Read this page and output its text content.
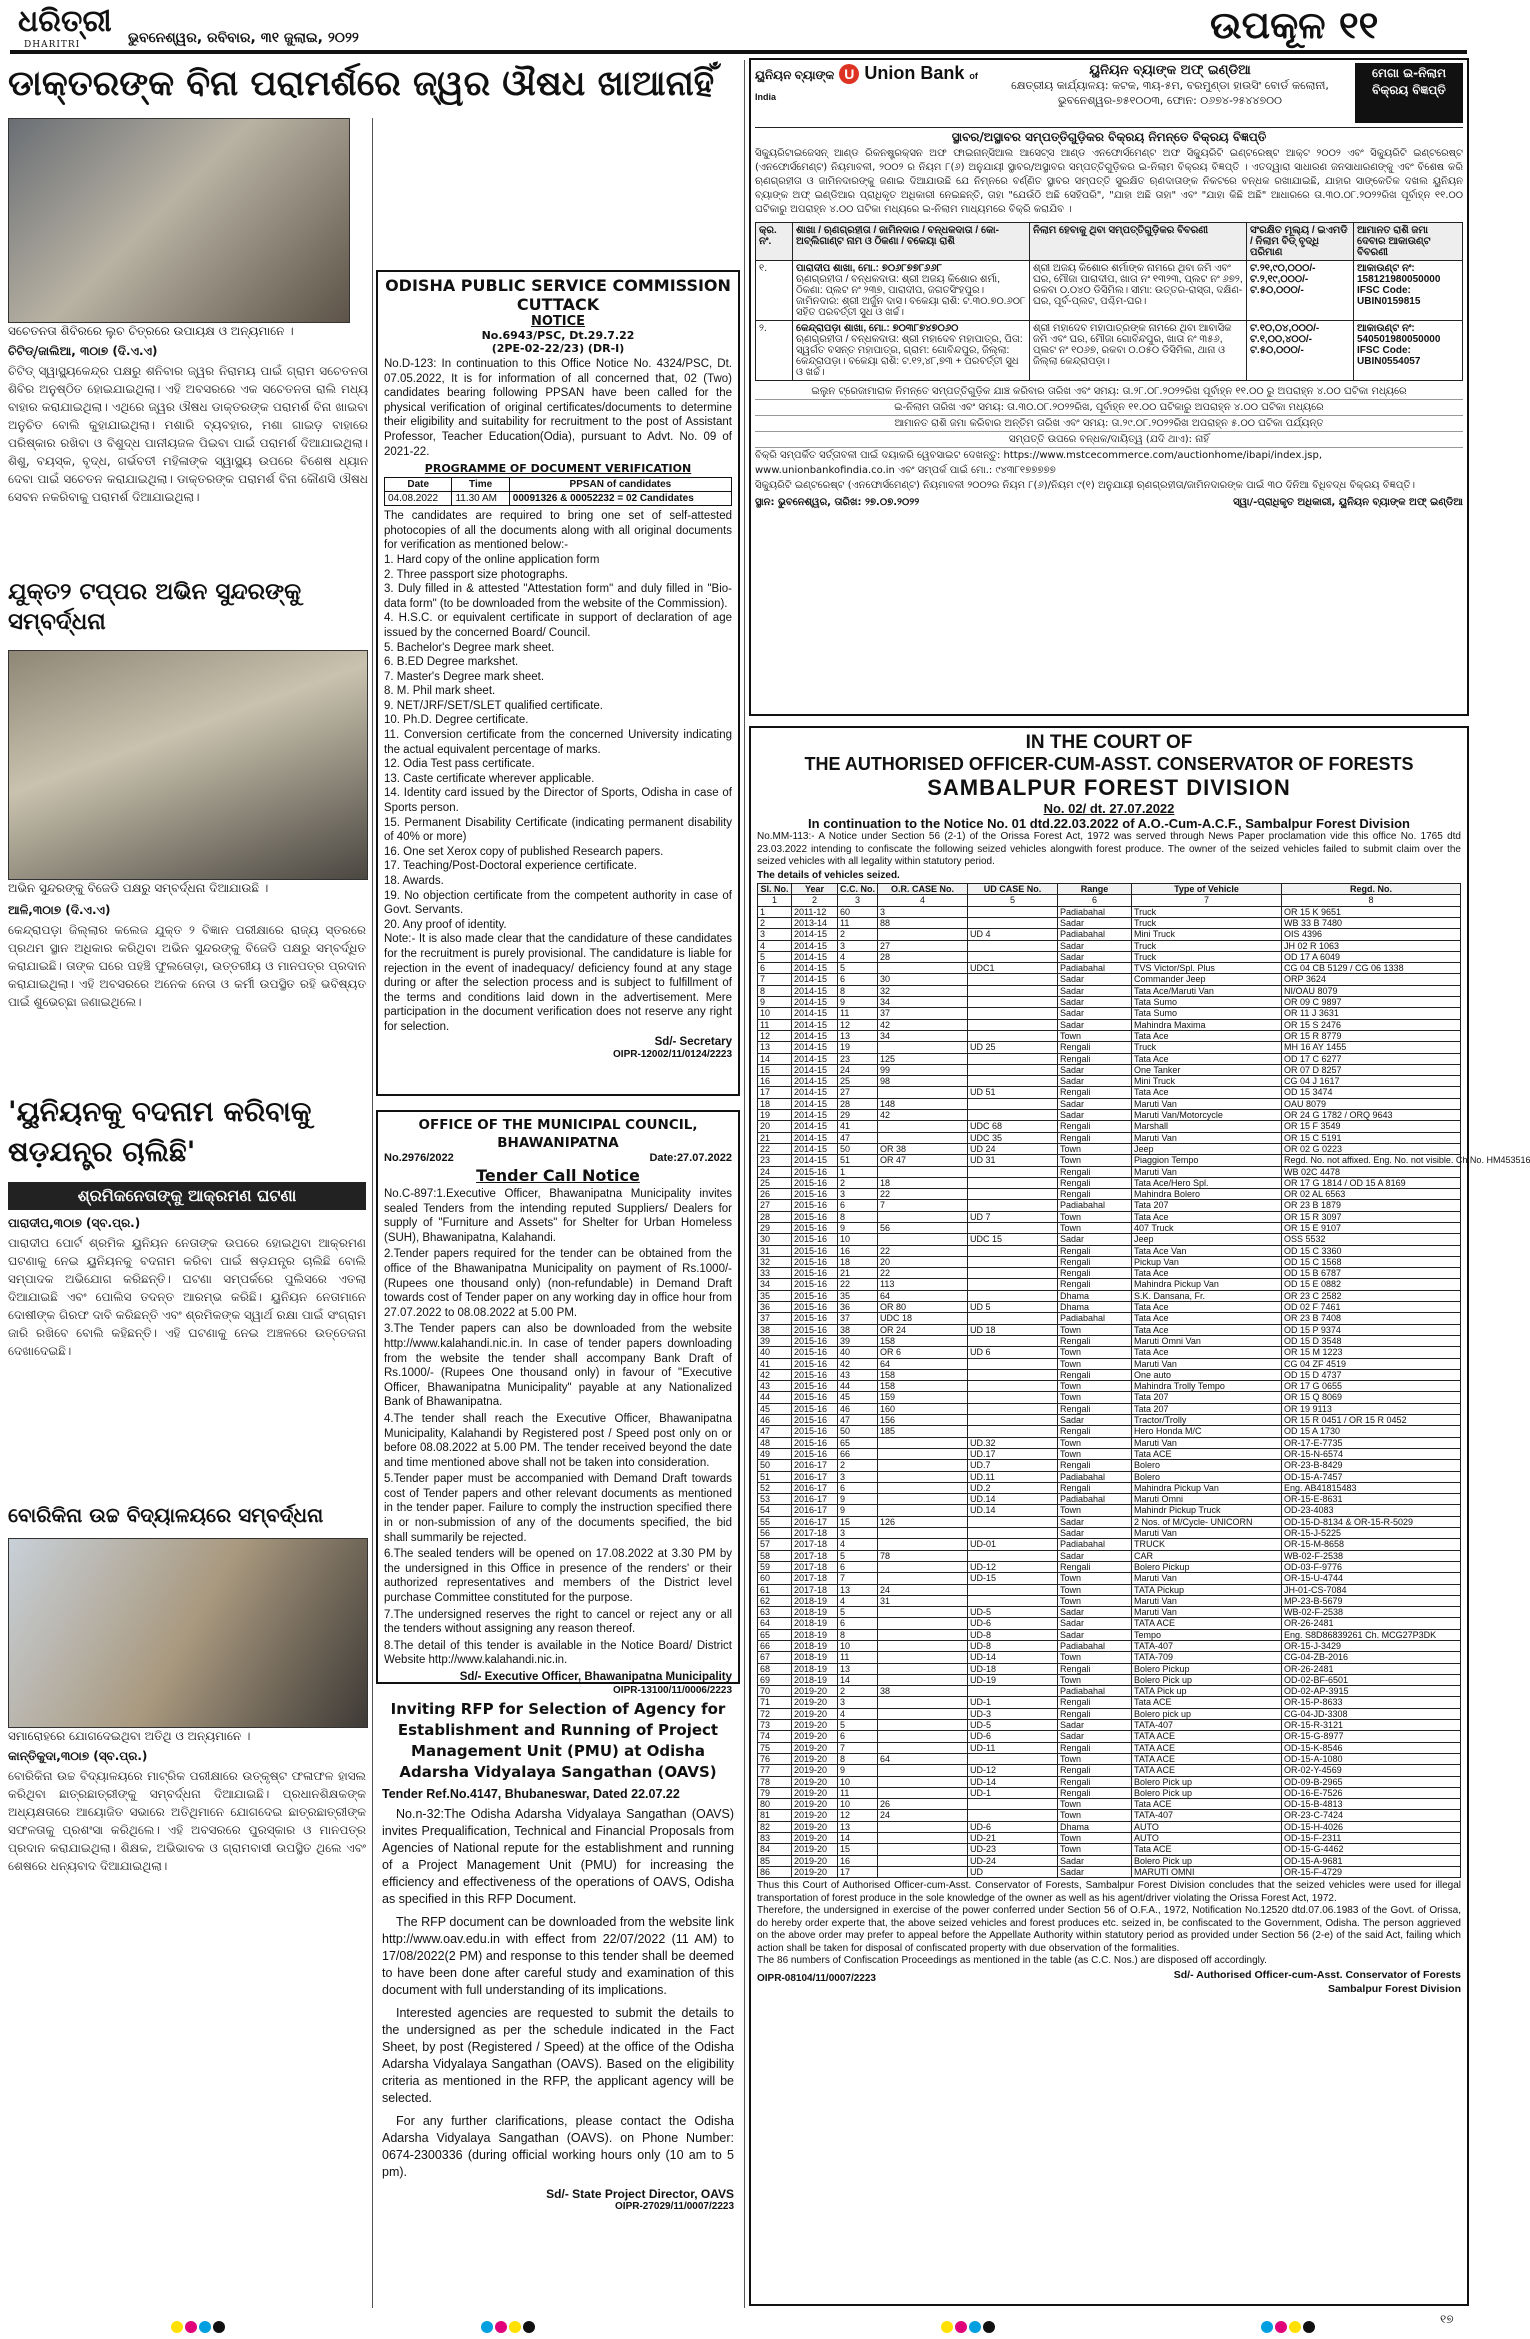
ଧରିତ୍ରୀ
DHARITRI	ଭୁବନେଶ୍ୱର, ରବିବାର, ୩୧ ଜୁଲାଇ, ୨୦୨୨	ଉପକୂଳ ୧୧
ଡାକ୍ତରଙ୍କ ବିନା ପରାମର୍ଶରେ ଜ୍ୱର ଔଷଧ ଖାଆନାହିଁ
ସଚେତନତା ଶିବିରରେ ଲୁଚ ଚିତ୍ରରେ ଉପାୟକ୍ଷ ଓ ଅନ୍ୟମାନେ ।
ଚିଟିଡ୍/ଜାଲିଆ, ୩୦ା୭ (ଦି.ଏ.ଏ)
ଚିଟିଡ୍ ସ୍ୱାସ୍ଥ୍ୟକେନ୍ଦ୍ର ପକ୍ଷରୁ ଶନିବାର ଜ୍ୱର ନିରାମୟ ପାଇଁ ଗ୍ରାମ ସଚେତନତା ଶିବିର ଅନୁଷ୍ଠିତ ହୋଇଯାଇଥିଲା। ଏହି ଅବସରରେ ଏକ ସଚେତନତା ରାଲି ମଧ୍ୟ ବାହାର କରାଯାଇଥିଲା। ଏଥିରେ ଜ୍ୱର ଔଷଧ ଡାକ୍ତରଙ୍କ ପରାମର୍ଶ ବିନା ଖାଇବା ଅନୁଚିତ ବୋଲି କୁହାଯାଇଥିଲା। ମଶାରି ବ୍ୟବହାର, ମଶା ଗାଇଡ଼ ବାହାରେ ପରିଷ୍କାର ରଖିବା ଓ ବିଶୁଦ୍ଧ ପାନୀୟଜଳ ପିଇବା ପାଇଁ ପରାମର୍ଶ ଦିଆଯାଇଥିଲା। ଶିଶୁ, ବୟସ୍କ, ବୃଦ୍ଧ, ଗର୍ଭବତୀ ମହିଳାଙ୍କ ସ୍ୱାସ୍ଥ୍ୟ ଉପରେ ବିଶେଷ ଧ୍ୟାନ ଦେବା ପାଇଁ ସଚେତନ କରାଯାଇଥିଲା। ଡାକ୍ତରଙ୍କ ପରାମର୍ଶ ବିନା କୌଣସି ଔଷଧ ସେବନ ନକରିବାକୁ ପରାମର୍ଶ ଦିଆଯାଇଥିଲା।
ଯୁକ୍ତ୨ ଟପ୍ପର ଅଭିନ ସୁନ୍ଦରଙ୍କୁ ସମ୍ବର୍ଦ୍ଧନା
ଅଭିନ ସୁନ୍ଦରଙ୍କୁ ବିଜେଡି ପକ୍ଷରୁ ସମ୍ବର୍ଦ୍ଧନା ଦିଆଯାଉଛି ।
ଆଳି,୩୦ା୭ (ଦି.ଏ.ଏ)
କେନ୍ଦ୍ରାପଡ଼ା ଜିଲ୍ଲାର କଲେଜ ଯୁକ୍ତ ୨ ବିଜ୍ଞାନ ପରୀକ୍ଷାରେ ରାଜ୍ୟ ସ୍ତରରେ ପ୍ରଥମ ସ୍ଥାନ ଅଧିକାର କରିଥିବା ଅଭିନ ସୁନ୍ଦରଙ୍କୁ ବିଜେଡି ପକ୍ଷରୁ ସମ୍ବର୍ଦ୍ଧିତ କରାଯାଇଛି। ତାଙ୍କ ଘରେ ପହଞ୍ଚି ଫୁଲତୋଡ଼ା, ଉତ୍ତରୀୟ ଓ ମାନପତ୍ର ପ୍ରଦାନ କରାଯାଇଥିଲା। ଏହି ଅବସରରେ ଅନେକ ନେତା ଓ କର୍ମୀ ଉପସ୍ଥିତ ରହି ଭବିଷ୍ୟତ ପାଇଁ ଶୁଭେଚ୍ଛା ଜଣାଇଥିଲେ।
'ୟୁନିୟନକୁ ବଦନାମ କରିବାକୁ ଷଡ଼ଯନ୍ତ୍ର ଚାଲିଛି'
ଶ୍ରମିକନେତାଙ୍କୁ ଆକ୍ରମଣ ଘଟଣା
ପାରାଦୀପ,୩୦ା୭ (ସ୍ବ.ପ୍ର.)
ପାରାଦୀପ ପୋର୍ଟ ଶ୍ରମିକ ୟୁନିୟନ ନେତାଙ୍କ ଉପରେ ହୋଇଥିବା ଆକ୍ରମଣ ଘଟଣାକୁ ନେଇ ୟୁନିୟନକୁ ବଦନାମ କରିବା ପାଇଁ ଷଡ଼ଯନ୍ତ୍ର ଚାଲିଛି ବୋଲି ସମ୍ପାଦକ ଅଭିଯୋଗ କରିଛନ୍ତି। ଘଟଣା ସମ୍ପର୍କରେ ପୁଲିସରେ ଏତଲା ଦିଆଯାଇଛି ଏବଂ ପୋଲିସ ତଦନ୍ତ ଆରମ୍ଭ କରିଛି। ୟୁନିୟନ ନେତାମାନେ ଦୋଷୀଙ୍କ ଗିରଫ ଦାବି କରିଛନ୍ତି ଏବଂ ଶ୍ରମିକଙ୍କ ସ୍ୱାର୍ଥ ରକ୍ଷା ପାଇଁ ସଂଗ୍ରାମ ଜାରି ରଖିବେ ବୋଲି କହିଛନ୍ତି। ଏହି ଘଟଣାକୁ ନେଇ ଅଞ୍ଚଳରେ ଉତ୍ତେଜନା ଦେଖାଦେଇଛି।
ବୋରିକିନା ଉଚ୍ଚ ବିଦ୍ୟାଳୟରେ ସମ୍ବର୍ଦ୍ଧନା
ସମାରୋହରେ ଯୋଗଦେଇଥିବା ଅତିଥି ଓ ଅନ୍ୟମାନେ ।
କାନ୍ତିକୁଦା,୩୦ା୭ (ସ୍ବ.ପ୍ର.)
ବୋରିକିନା ଉଚ୍ଚ ବିଦ୍ୟାଳୟରେ ମାଟ୍ରିକ ପରୀକ୍ଷାରେ ଉତ୍କୃଷ୍ଟ ଫଳାଫଳ ହାସଲ କରିଥିବା ଛାତ୍ରଛାତ୍ରୀଙ୍କୁ ସମ୍ବର୍ଦ୍ଧନା ଦିଆଯାଇଛି। ପ୍ରଧାନଶିକ୍ଷକଙ୍କ ଅଧ୍ୟକ୍ଷତାରେ ଆୟୋଜିତ ସଭାରେ ଅତିଥିମାନେ ଯୋଗଦେଇ ଛାତ୍ରଛାତ୍ରୀଙ୍କ ସଫଳତାକୁ ପ୍ରଶଂସା କରିଥିଲେ। ଏହି ଅବସରରେ ପୁରସ୍କାର ଓ ମାନପତ୍ର ପ୍ରଦାନ କରାଯାଇଥିଲା। ଶିକ୍ଷକ, ଅଭିଭାବକ ଓ ଗ୍ରାମବାସୀ ଉପସ୍ଥିତ ଥିଲେ ଏବଂ ଶେଷରେ ଧନ୍ୟବାଦ ଦିଆଯାଇଥିଲା।
ODISHA PUBLIC SERVICE COMMISSION
CUTTACK
NOTICE
No.6943/PSC, Dt.29.7.22
(2PE-02-22/23) (DR-I)
No.D-123: In continuation to this Office Notice No. 4324/PSC, Dt. 07.05.2022, It is for information of all concerned that, 02 (Two) candidates bearing following PPSAN have been called for the physical verification of original certificates/documents to determine their eligibility and suitability for recruitment to the post of Assistant Professor, Teacher Education(Odia), pursuant to Advt. No. 09 of 2021-22.
PROGRAMME OF DOCUMENT VERIFICATION
Date	Time	PPSAN of candidates
04.08.2022	11.30 AM	00091326 & 00052232 = 02 Candidates
The candidates are required to bring one set of self-attested photocopies of all the documents along with all original documents for verification as mentioned below:-
1. Hard copy of the online application form
2. Three passport size photographs.
3. Duly filled in & attested "Attestation form" and duly filled in "Bio-data form" (to be downloaded from the website of the Commission).
4. H.S.C. or equivalent certificate in support of declaration of age issued by the concerned Board/ Council.
5. Bachelor's Degree mark sheet.
6. B.ED Degree markshet.
7. Master's Degree mark sheet.
8. M. Phil mark sheet.
9. NET/JRF/SET/SLET qualified certificate.
10. Ph.D. Degree certificate.
11. Conversion certificate from the concerned University indicating the actual equivalent percentage of marks.
12. Odia Test pass certificate.
13. Caste certificate wherever applicable.
14. Identity card issued by the Director of Sports, Odisha in case of Sports person.
15. Permanent Disability Certificate (indicating permanent disability of 40% or more)
16. One set Xerox copy of published Research papers.
17. Teaching/Post-Doctoral experience certificate.
18. Awards.
19. No objection certificate from the competent authority in case of Govt. Servants.
20. Any proof of identity.
Note:- It is also made clear that the candidature of these candidates for the recruitment is purely provisional. The candidature is liable for rejection in the event of inadequacy/ deficiency found at any stage during or after the selection process and is subject to fulfillment of the terms and conditions laid down in the advertisement. Mere participation in the document verification does not reserve any right for selection.
Sd/- Secretary
OIPR-12002/11/0124/2223
OFFICE OF THE MUNICIPAL COUNCIL, BHAWANIPATNA
No.2976/2022	Date:27.07.2022
Tender Call Notice

No.C-897:1.Executive Officer, Bhawanipatna Municipality invites sealed Tenders from the intending reputed Suppliers/ Dealers for supply of "Furniture and Assets" for Shelter for Urban Homeless (SUH), Bhawanipatna, Kalahandi.

2.Tender papers required for the tender can be obtained from the office of the Bhawanipatna Municipality on payment of Rs.1000/- (Rupees one thousand only) (non-refundable) in Demand Draft towards cost of Tender paper on any working day in office hour from 27.07.2022 to 08.08.2022 at 5.00 PM.

3.The Tender papers can also be downloaded from the website http://www.kalahandi.nic.in. In case of tender papers downloading from the website the tender shall accompany Bank Draft of Rs.1000/- (Rupees One thousand only) in favour of "Executive Officer, Bhawanipatna Municipality" payable at any Nationalized Bank of Bhawanipatna.

4.The tender shall reach the Executive Officer, Bhawanipatna Municipality, Kalahandi by Registered post / Speed post only on or before 08.08.2022 at 5.00 PM. The tender received beyond the date and time mentioned above shall not be taken into consideration.

5.Tender paper must be accompanied with Demand Draft towards cost of Tender papers and other relevant documents as mentioned in the tender paper. Failure to comply the instruction specified there in or non-submission of any of the documents specified, the bid shall summarily be rejected.

6.The sealed tenders will be opened on 17.08.2022 at 3.30 PM by the undersigned in this Office in presence of the renders' or their authorized representatives and members of the District level purchase Committee constituted for the purpose.

7.The undersigned reserves the right to cancel or reject any or all the tenders without assigning any reason thereof.

8.The detail of this tender is available in the Notice Board/ District Website http://www.kalahandi.nic.in.

Sd/- Executive Officer, Bhawanipatna Municipality
OIPR-13100/11/0006/2223
Inviting RFP for Selection of Agency for Establishment and Running of Project Management Unit (PMU) at Odisha Adarsha Vidyalaya Sangathan (OAVS)
Tender Ref.No.4147, Bhubaneswar, Dated 22.07.22

No.n-32:The Odisha Adarsha Vidyalaya Sangathan (OAVS) invites Prequalification, Technical and Financial Proposals from Agencies of National repute for the establishment and running of a Project Management Unit (PMU) for increasing the efficiency and effectiveness of the operations of OAVS, Odisha as specified in this RFP Document.

The RFP document can be downloaded from the website link http://www.oav.edu.in with effect from 22/07/2022 (11 AM) to 17/08/2022(2 PM) and response to this tender shall be deemed to have been done after careful study and examination of this document with full understanding of its implications.

Interested agencies are requested to submit the details to the undersigned as per the schedule indicated in the Fact Sheet, by post (Registered / Speed) at the office of the Odisha Adarsha Vidyalaya Sangathan (OAVS). Based on the eligibility criteria as mentioned in the RFP, the applicant agency will be selected.

For any further clarifications, please contact the Odisha Adarsha Vidyalaya Sangathan (OAVS). on Phone Number: 0674-2300336 (during official working hours only (10 am to 5 pm).

Sd/- State Project Director, OAVS
OIPR-27029/11/0007/2223
ୟୁନିୟନ ବ୍ୟାଙ୍କ U Union Bank of India
ୟୁନିୟନ ବ୍ୟାଙ୍କ ଅଫ୍ ଇଣ୍ଡିଆ
କ୍ଷେତ୍ରୀୟ କାର୍ଯ୍ୟାଳୟ: କଟକ, ୩ୟ-୫ମ, ବରମୁଣ୍ଡା ହାଉସିଂ ବୋର୍ଡ କଲୋନୀ, ଭୁବନେଶ୍ୱର-୭୫୧୦୦୩, ଫୋନ: ୦୬୭୪-୨୫୪୪୭୦୦
ମେଗା ଇ-ନିଲାମ ବିକ୍ରୟ ବିଜ୍ଞପ୍ତି
ସ୍ଥାବର/ଅସ୍ଥାବର ସମ୍ପତ୍ତିଗୁଡ଼ିକର ବିକ୍ରୟ ନିମନ୍ତେ ବିକ୍ରୟ ବିଜ୍ଞପ୍ତି
ସିକ୍ୟୁରିଟାଇଜେସନ୍ ଆଣ୍ଡ ରିକନଷ୍ଟ୍ରକ୍ସନ ଅଫ ଫାଇନାନ୍ସିଆଲ ଆସେଟ୍ସ ଆଣ୍ଡ ଏନଫୋର୍ସମେଣ୍ଟ ଅଫ ସିକ୍ୟୁରିଟି ଇଣ୍ଟରେଷ୍ଟ ଆକ୍ଟ ୨୦୦୨ ଏବଂ ସିକ୍ୟୁରିଟି ଇଣ୍ଟରେଷ୍ଟ (ଏନଫୋର୍ସମେଣ୍ଟ) ନିୟମାବଳୀ, ୨୦୦୨ ର ନିୟମ ୮(୬) ଅନୁଯାୟୀ ସ୍ଥାବର/ଅସ୍ଥାବର ସମ୍ପତ୍ତିଗୁଡ଼ିକର ଇ-ନିଲାମ ବିକ୍ରୟ ବିଜ୍ଞପ୍ତି । ଏତଦ୍ୱାରା ସାଧାରଣ ଜନସାଧାରଣଙ୍କୁ ଏବଂ ବିଶେଷ କରି ଋଣଗ୍ରହୀତା ଓ ଜାମିନଦାରଙ୍କୁ ଜଣାଇ ଦିଆଯାଉଛି ଯେ ନିମ୍ନରେ ବର୍ଣ୍ଣିତ ସ୍ଥାବର ସମ୍ପତ୍ତି ସୁରକ୍ଷିତ ଋଣଦାତାଙ୍କ ନିକଟରେ ବନ୍ଧକ ରଖାଯାଇଛି, ଯାହାର ସାଙ୍କେତିକ ଦଖଲ ୟୁନିୟନ ବ୍ୟାଙ୍କ ଅଫ୍ ଇଣ୍ଡିଆର ପ୍ରାଧିକୃତ ଅଧିକାରୀ ନେଇଛନ୍ତି, ତାହା "ଯେଉଁଠି ଅଛି ସେହିପରି", "ଯାହା ଅଛି ତାହା" ଏବଂ "ଯାହା କିଛି ଅଛି" ଆଧାରରେ ତା.୩୦.୦୮.୨୦୨୨ରିଖ ପୂର୍ବାହ୍ନ ୧୧.୦୦ ଘଟିକାରୁ ଅପରାହ୍ନ ୪.୦୦ ଘଟିକା ମଧ୍ୟରେ ଇ-ନିଲାମ ମାଧ୍ୟମରେ ବିକ୍ରି କରାଯିବ ।
କ୍ର. ନଂ.	ଶାଖା / ଋଣଗ୍ରହୀତା / ଜାମିନଦାର / ବନ୍ଧକଦାତା / କୋ-ଅବ୍ଲିଗାଣ୍ଟ ନାମ ଓ ଠିକଣା / ବକେୟା ରାଶି	ନିଲାମ ହେବାକୁ ଥିବା ସମ୍ପତ୍ତିଗୁଡ଼ିକର ବିବରଣୀ	ସଂରକ୍ଷିତ ମୂଲ୍ୟ / ଇଏମଡି / ନିଲାମ ବିଡ୍ ବୃଦ୍ଧି ପରିମାଣ	ଆମାନତ ରାଶି ଜମା ଦେବାର ଆକାଉଣ୍ଟ ବିବରଣୀ
୧.	ପାରାଦୀପ ଶାଖା, ମୋ.: ୭୦୬୮୭୭୮୬୬୮
ଋଣଗ୍ରହୀତା / ବନ୍ଧକଦାତା: ଶ୍ରୀ ଅଜୟ କିଶୋର ଶର୍ମା, ଠିକଣା: ପ୍ଲଟ ନଂ ୨୩୭, ପାରାଦୀପ, ଜଗତସିଂହପୁର। ଜାମିନଦାର: ଶ୍ରୀ ଅର୍ଜୁନ ଦାସ। ବକେୟା ରାଶି: ଟ.୩୦.୭୦.୬୦୮ ସହିତ ପରବର୍ତ୍ତୀ ସୁଧ ଓ ଖର୍ଚ୍ଚ।	ଶ୍ରୀ ଅଜୟ କିଶୋର ଶର୍ମାଙ୍କ ନାମରେ ଥିବା ଜମି ଏବଂ ଘର, ମୌଜା ପାରାଦୀପ, ଖାତା ନଂ ୧୩୨୩, ପ୍ଲଟ ନଂ ୬୭୨, ରକବା ୦.୦୪୦ ଡିସିମିଲ। ସୀମା: ଉତ୍ତର-ରାସ୍ତା, ଦକ୍ଷିଣ-ଘର, ପୂର୍ବ-ପ୍ଲଟ, ପଶ୍ଚିମ-ଘର।	ଟ.୨୧,୯୦,୦୦୦/-
ଟ.୨,୧୯,୦୦୦/-
ଟ.୫୦,୦୦୦/-	ଆକାଉଣ୍ଟ ନଂ:
158121980050000
IFSC Code:
UBIN0159815
୨.	କେନ୍ଦ୍ରାପଡ଼ା ଶାଖା, ମୋ.: ୭୦୩୮୭୪୭୦୬୦
ଋଣଗ୍ରହୀତା / ବନ୍ଧକଦାତା: ଶ୍ରୀ ମହାଦେବ ମହାପାତ୍ର, ପିତା: ସ୍ୱର୍ଗତ ବସନ୍ତ ମହାପାତ୍ର, ଗ୍ରାମ: ଗୋବିନ୍ଦପୁର, ଜିଲ୍ଲା: କେନ୍ଦ୍ରାପଡ଼ା। ବକେୟା ରାଶି: ଟ.୧୨,୪୮,୭୩ + ପରବର୍ତ୍ତୀ ସୁଧ ଓ ଖର୍ଚ୍ଚ।	ଶ୍ରୀ ମହାଦେବ ମହାପାତ୍ରଙ୍କ ନାମରେ ଥିବା ଆବାସିକ ଜମି ଏବଂ ଘର, ମୌଜା ଗୋବିନ୍ଦପୁର, ଖାତା ନଂ ୩୫୬, ପ୍ଲଟ ନଂ ୧୦୬୭, ରକବା ୦.୦୫୦ ଡିସିମିଲ, ଥାନା ଓ ଜିଲ୍ଲା କେନ୍ଦ୍ରାପଡ଼ା।	ଟ.୧୦,୦୪,୦୦୦/-
ଟ.୧,୦୦,୪୦୦/-
ଟ.୫୦,୦୦୦/-	ଆକାଉଣ୍ଟ ନଂ:
540501980050000
IFSC Code:
UBIN0554057
ଇଲୁନ ଟ୍ରେଜାମାରାକ ନିମନ୍ତେ ସମ୍ପତ୍ତିଗୁଡ଼ିକ ଯାଞ୍ଚ କରିବାର ତାରିଖ ଏବଂ ସମୟ: ତା.୨୮.୦୮.୨୦୨୨ରିଖ ପୂର୍ବାହ୍ନ ୧୧.୦୦ ରୁ ଅପରାହ୍ନ ୪.୦୦ ଘଟିକା ମଧ୍ୟରେ
ଇ-ନିଲାମ ତାରିଖ ଏବଂ ସମୟ: ତା.୩୦.୦୮.୨୦୨୨ରିଖ, ପୂର୍ବାହ୍ନ ୧୧.୦୦ ଘଟିକାରୁ ଅପରାହ୍ନ ୪.୦୦ ଘଟିକା ମଧ୍ୟରେ
ଆମାନତ ରାଶି ଜମା କରିବାର ଅନ୍ତିମ ତାରିଖ ଏବଂ ସମୟ: ତା.୨୯.୦୮.୨୦୨୨ରିଖ ଅପରାହ୍ନ ୫.୦୦ ଘଟିକା ପର୍ଯ୍ୟନ୍ତ
ସମ୍ପତ୍ତି ଉପରେ ବନ୍ଧକ/ଦାୟିତ୍ୱ (ଯଦି ଥାଏ): ନାହିଁ
ବିକ୍ରି ସମ୍ପର୍କିତ ସର୍ତ୍ତାବଳୀ ପାଇଁ ଦୟାକରି ୱେବସାଇଟ ଦେଖନ୍ତୁ: https://www.mstcecommerce.com/auctionhome/ibapi/index.jsp, www.unionbankofindia.co.in ଏବଂ ସମ୍ପର୍କ ପାଇଁ ମୋ.: ୯୪୩୮୧୭୭୭୭୭
ସିକ୍ୟୁରିଟି ଇଣ୍ଟରେଷ୍ଟ (ଏନଫୋର୍ସମେଣ୍ଟ) ନିୟମାବଳୀ ୨୦୦୨ର ନିୟମ ୮(୬)/ନିୟମ ୯(୧) ଅନୁଯାୟୀ ଋଣଗ୍ରହୀତା/ଜାମିନଦାରଙ୍କ ପାଇଁ ୩୦ ଦିନିଆ ବିଧିବଦ୍ଧ ବିକ୍ରୟ ବିଜ୍ଞପ୍ତି।
ସ୍ଥାନ: ଭୁବନେଶ୍ୱର, ତାରିଖ: ୨୭.୦୭.୨୦୨୨	ସ୍ୱା/-ପ୍ରାଧିକୃତ ଅଧିକାରୀ, ୟୁନିୟନ ବ୍ୟାଙ୍କ ଅଫ୍ ଇଣ୍ଡିଆ
IN THE COURT OF
THE AUTHORISED OFFICER-CUM-ASST. CONSERVATOR OF FORESTS
SAMBALPUR FOREST DIVISION
No. 02/ dt. 27.07.2022
In continuation to the Notice No. 01 dtd.22.03.2022 of A.O.-Cum-A.C.F., Sambalpur Forest Division
No.MM-113:- A Notice under Section 56 (2-1) of the Orissa Forest Act, 1972 was served through News Paper proclamation vide this office No. 1765 dtd 23.03.2022 intending to confiscate the following seized vehicles alongwith forest produce. The owner of the seized vehicles failed to submit claim over the seized vehicles with all legality within statutory period.
The details of vehicles seized.
Sl. No.	Year	C.C. No.	O.R. CASE No.	UD CASE No.	Range	Type of Vehicle	Regd. No.
1	2	3	4	5	6	7	8
1	2011-12	60	3		Padiabahal	Truck	OR 15 K 9651
2	2013-14	11	88		Sadar	Truck	WB 33 B 7480
3	2014-15	2		UD 4	Padiabahal	Mini Truck	OIS 4396
4	2014-15	3	27		Sadar	Truck	JH 02 R 1063
5	2014-15	4	28		Sadar	Truck	OD 17 A 6049
6	2014-15	5		UDC1	Padiabahal	TVS Victor/Spl. Plus	CG 04 CB 5129 / CG 06 1338
7	2014-15	6	30		Sadar	Commander Jeep	ORP 3624
8	2014-15	8	32		Sadar	Tata Ace/Maruti Van	NI/OAU 8079
9	2014-15	9	34		Sadar	Tata Sumo	OR 09 C 9897
10	2014-15	11	37		Sadar	Tata Sumo	OR 11 J 3631
11	2014-15	12	42		Sadar	Mahindra Maxima	OR 15 S 2476
12	2014-15	13	34		Town	Tata Ace	OR 15 R 8779
13	2014-15	19		UD 25	Rengali	Truck	MH 16 AY 1455
14	2014-15	23	125		Rengali	Tata Ace	OD 17 C 6277
15	2014-15	24	99		Sadar	One Tanker	OR 07 D 8257
16	2014-15	25	98		Sadar	Mini Truck	CG 04 J 1617
17	2014-15	27		UD 51	Rengali	Tata Ace	OD 15 3474
18	2014-15	28	148		Sadar	Maruti Van	OAU 8079
19	2014-15	29	42		Sadar	Maruti Van/Motorcycle	OR 24 G 1782 / ORQ 9643
20	2014-15	41		UDC 68	Rengali	Marshall	OR 15 F 3549
21	2014-15	47		UDC 35	Rengali	Maruti Van	OR 15 C 5191
22	2014-15	50	OR 38	UD 24	Town	Jeep	OR 02 G 0223
23	2014-15	51	OR 47	UD 31	Town	Piaggion Tempo	Regd. No. not affixed. Eng. No. not visible. Ch No. HM453516
24	2015-16	1			Rengali	Maruti Van	WB 02C 4478
25	2015-16	2	18		Rengali	Tata Ace/Hero Spl.	OR 17 G 1814 / OD 15 A 8169
26	2015-16	3	22		Rengali	Mahindra Bolero	OR 02 AL 6563
27	2015-16	6	7		Padiabahal	Tata 207	OR 23 B 1879
28	2015-16	8		UD 7	Town	Tata Ace	OR 15 R 3097
29	2015-16	9	56		Town	407 Truck	OR 15 E 9107
30	2015-16	10		UDC 15	Sadar	Jeep	OSS 5532
31	2015-16	16	22		Rengali	Tata Ace Van	OD 15 C 3360
32	2015-16	18	20		Rengali	Pickup Van	OD 15 C 1568
33	2015-16	21	22		Rengali	Tata Ace	OD 15 B 6787
34	2015-16	22	113		Rengali	Mahindra Pickup Van	OD 15 E 0882
35	2015-16	35	64		Dhama	S.K. Dansana, Fr.	OR 23 C 2582
36	2015-16	36	OR 80	UD 5	Dhama	Tata Ace	OD 02 F 7461
37	2015-16	37	UDC 18		Padiabahal	Tata Ace	OR 23 B 7408
38	2015-16	38	OR 24	UD 18	Town	Tata Ace	OD 15 P 9374
39	2015-16	39	158		Rengali	Maruti Omni Van	OD 15 D 3548
40	2015-16	40	OR 6	UD 6	Town	Tata Ace	OR 15 M 1223
41	2015-16	42	64		Town	Maruti Van	CG 04 ZF 4519
42	2015-16	43	158		Rengali	One auto	OD 15 D 4737
43	2015-16	44	158		Town	Mahindra Trolly Tempo	OR 17 G 0655
44	2015-16	45	159		Town	Tata 207	OR 15 Q 8069
45	2015-16	46	160		Rengali	Tata 207	OR 19 9113
46	2015-16	47	156		Sadar	Tractor/Trolly	OR 15 R 0451 / OR 15 R 0452
47	2015-16	50	185		Rengali	Hero Honda M/C	OD 15 A 1730
48	2015-16	65		UD.32	Town	Maruti Van	OR-17-E-7735
49	2015-16	66		UD.17	Town	Tata ACE	OR-15-N-6574
50	2016-17	2		UD.7	Rengali	Bolero	OR-23-B-8429
51	2016-17	3		UD.11	Padiabahal	Bolero	OD-15-A-7457
52	2016-17	6		UD.2	Rengali	Mahindra Pickup Van	Eng. AB41815483
53	2016-17	9		UD.14	Padiabahal	Maruti Omni	OR-15-E-8631
54	2016-17	9		UD.14	Town	Mahindr Pickup Truck	OD-23-4083
55	2016-17	15	126		Sadar	2 Nos. of M/Cycle- UNICORN	OD-15-D-8134 & OR-15-R-5029
56	2017-18	3			Sadar	Maruti Van	OR-15-J-5225
57	2017-18	4		UD-01	Padiabahal	TRUCK	OR-15-M-8658
58	2017-18	5	78		Sadar	CAR	WB-02-F-2538
59	2017-18	6		UD-12	Rengali	Bolero Pickup	OD-03-F-9776
60	2017-18	7		UD-15	Town	Maruti Van	OR-15-U-4744
61	2017-18	13	24		Town	TATA Pickup	JH-01-CS-7084
62	2018-19	4	31		Town	Maruti Van	MP-23-B-5679
63	2018-19	5		UD-5	Sadar	Maruti Van	WB-02-F-2538
64	2018-19	6		UD-6	Sadar	TATA ACE	OR-26-2481
65	2018-19	8		UD-8	Sadar	Tempo	Eng. S8D86839261 Ch. MCG27P3DK
66	2018-19	10		UD-8	Padiabahal	TATA-407	OR-15-J-3429
67	2018-19	11		UD-14	Town	TATA-709	CG-04-ZB-2016
68	2018-19	13		UD-18	Rengali	Bolero Pickup	OR-26-2481
69	2018-19	14		UD-19	Town	Bolero Pick up	OD-02-BF-6501
70	2019-20	2	38		Padiabahal	TATA Pick up	OD-02-AP-3915
71	2019-20	3		UD-1	Rengali	Tata ACE	OR-15-P-8633
72	2019-20	4		UD-3	Rengali	Bolero pick up	CG-04-JD-3308
73	2019-20	5		UD-5	Sadar	TATA-407	OR-15-R-3121
74	2019-20	6		UD-6	Sadar	TATA ACE	OR-15-G-8977
75	2019-20	7		UD-11	Rengali	TATA ACE	OD-15-K-8546
76	2019-20	8	64		Town	TATA ACE	OD-15-A-1080
77	2019-20	9		UD-12	Rengali	TATA ACE	OR-02-Y-4569
78	2019-20	10		UD-14	Rengali	Bolero Pick up	OD-09-B-2965
79	2019-20	11		UD-1	Rengali	Bolero Pick up	OD-16-E-7526
80	2019-20	10	26		Town	Tata ACE	OD-15-B-4813
81	2019-20	12	24		Town	TATA-407	OR-23-C-7424
82	2019-20	13		UD-6	Dhama	AUTO	OD-15-H-4026
83	2019-20	14		UD-21	Town	AUTO	OD-15-F-2311
84	2019-20	15		UD-23	Town	Tata ACE	OD-15-G-4462
85	2019-20	16		UD-24	Sadar	Bolero Pick up	OD-15-A-9681
86	2019-20	17		UD	Sadar	MARUTI OMNI	OR-15-F-4729
Thus this Court of Authorised Officer-cum-Asst. Conservator of Forests, Sambalpur Forest Division concludes that the seized vehicles were used for illegal transportation of forest produce in the sole knowledge of the owner as well as his agent/driver violating the Orissa Forest Act, 1972.
Therefore, the undersigned in exercise of the power conferred under Section 56 of O.F.A., 1972, Notification No.12520 dtd.07.06.1983 of the Govt. of Orissa, do hereby order experte that, the above seized vehicles and forest produces etc. seized in, be confiscated to the Government, Odisha. The person aggrieved on the above order may prefer to appeal before the Appellate Authority within statutory period as provided under Section 56 (2-e) of the said Act, failing which action shall be taken for disposal of confiscated property with due observation of the formalities.
The 86 numbers of Confiscation Proceedings as mentioned in the table (as C.C. Nos.) are disposed off accordingly.
Sd/- Authorised Officer-cum-Asst. Conservator of Forests
Sambalpur Forest Division
OIPR-08104/11/0007/2223
୧୭
